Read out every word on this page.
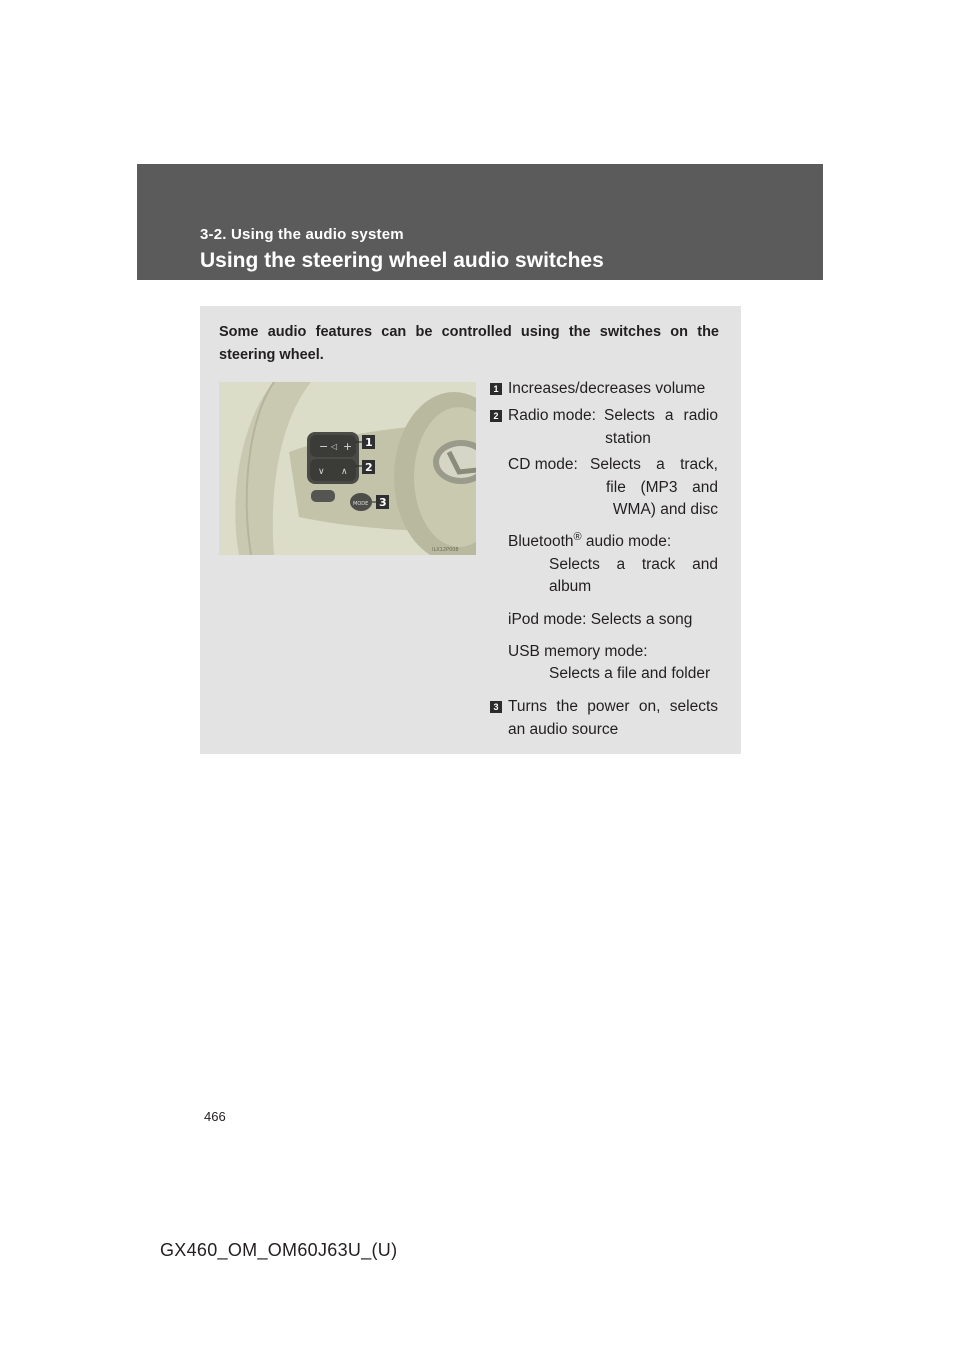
3-2. Using the audio system
Using the steering wheel audio switches
Some audio features can be controlled using the switches on the steering wheel.
− ◁ +
∨ ∧
MODE
1
2
3
ILX12P008
1 Increases/decreases volume
2 Radio mode: Selects a radio
station
CD mode: Selects a track,
file (MP3 and
WMA) and disc
Bluetooth® audio mode:
Selects a track and
album
iPod mode: Selects a song
USB memory mode:
Selects a file and folder
3 Turns the power on, selects
an audio source
466
GX460_OM_OM60J63U_(U)
